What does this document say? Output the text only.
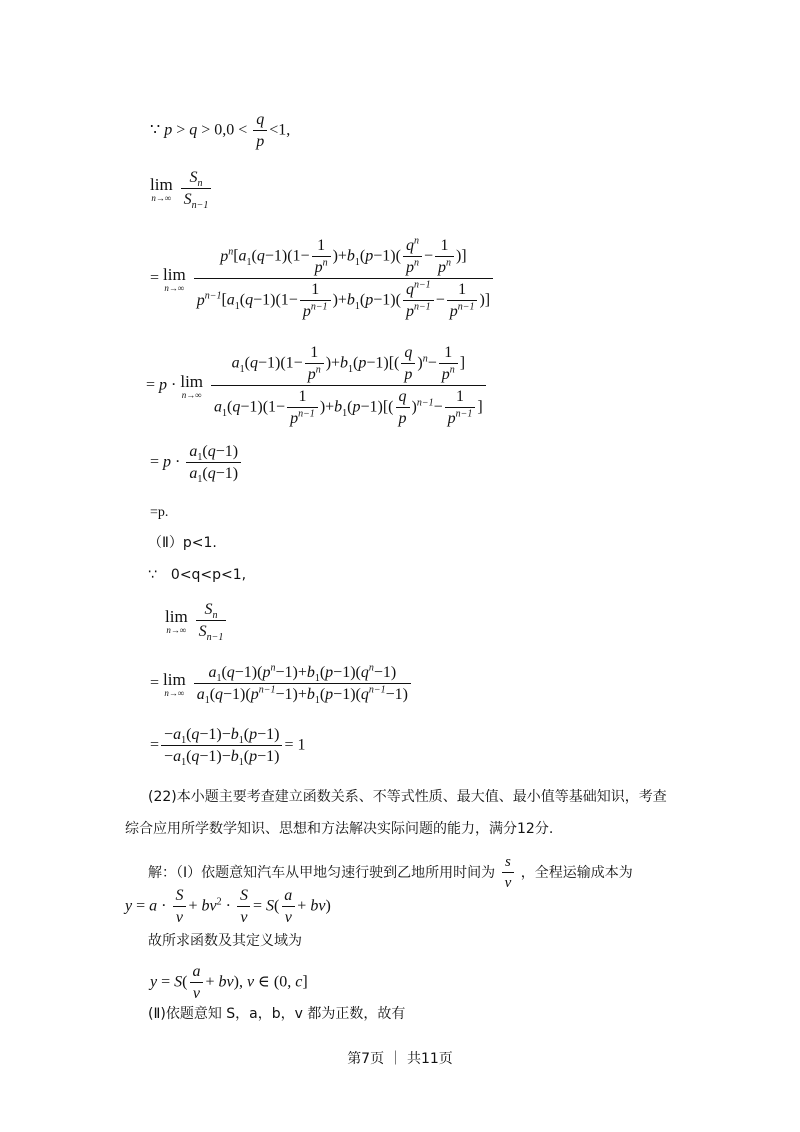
∵ $p > q > 0,0 < \frac{q}{p} <1$,
lim
n→∞
$\frac{S_n}{S_{n-1}}$
= lim
n→∞
$\frac{p^n[a_1(q-1)(1- \frac{1}{p^n} )+b_1(p-1)( \frac{q^n}{p^n} - \frac{1}{p^n} )]}{p^{n-1}[a_1(q-1)(1- \frac{1}{p^{n-1}} )+b_1(p-1)( \frac{q^{n-1}}{p^{n-1}} - \frac{1}{p^{n-1}} )]}$
= p · lim
n→∞
$\frac{a_1(q-1)(1- \frac{1}{p^n} )+b_1(p-1)[( \frac{q}{p} )^n- \frac{1}{p^n} ]}{a_1(q-1)(1- \frac{1}{p^{n-1}} )+b_1(p-1)[( \frac{q}{p} )^{n-1}- \frac{1}{p^{n-1}} ]}$
= $p \cdot \frac{a_1(q-1)}{a_1(q-1)}$
=p.
（Ⅱ）p<1.
∵　0<q<p<1,
lim
n→∞
$\frac{S_n}{S_{n-1}}$
= lim
n→∞
$\frac{a_1(q-1)(p^n-1)+b_1(p-1)(q^n-1)}{a_1(q-1)(p^{n-1}-1)+b_1(p-1)(q^{n-1}-1)}$
= $\frac{-a_1(q-1)-b_1(p-1)}{-a_1(q-1)-b_1(p-1)} = 1$
(22)本小题主要考查建立函数关系、不等式性质、最大值、最小值等基础知识，考查
综合应用所学数学知识、思想和方法解决实际问题的能力，满分12分.
解：（Ⅰ）依题意知汽车从甲地匀速行驶到乙地所用时间为 $\frac{s}{v}$ ，全程运输成本为
$y = a \cdot \frac{S}{v} + bv^2 \cdot \frac{S}{v} = S( \frac{a}{v} + bv)$
故所求函数及其定义域为
$y = S( \frac{a}{v} + bv)$, v ∈ (0, c]
(Ⅱ)依题意知 S，a，b，v 都为正数，故有
第7页 ｜ 共11页
